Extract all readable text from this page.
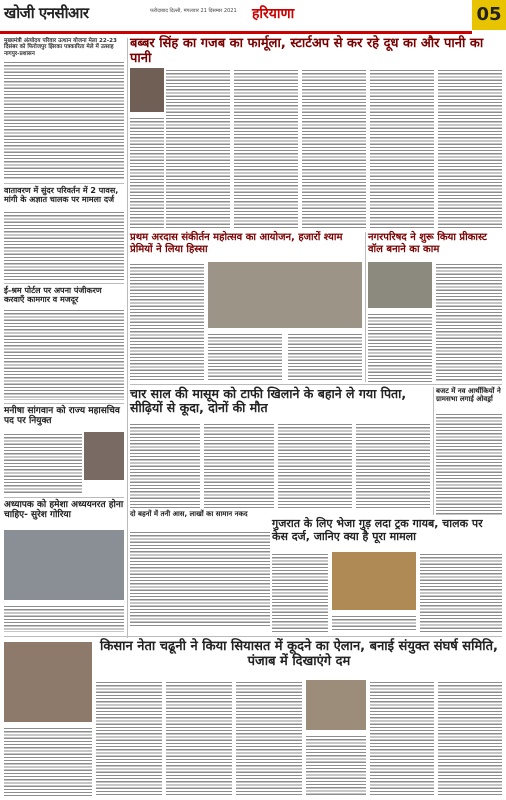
खोजी एनसीआर	फरीदाबाद दिल्ली, मंगलवार 21 दिसम्बर 2021 हरियाणा	05
मुख्यमंत्री अंत्योदय परिवार उत्थान योजना मेला 22-23 दिसंबर को फिरोजपुर झिरका पत्रकारिता मेले में उत्साह नागपुर-प्रशासन
वातावरण में सुंदर परिवर्तन में 2 पावस, मांगी के अज्ञात चालक पर मामला दर्ज
ई-श्रम पोर्टल पर अपना पंजीकरण करवाएँ कामगार व मजदूर
मनीषा सांगवान को राज्य महासचिव पद पर नियुक्त
अध्यापक को हमेशा अध्ययनरत होना चाहिए- सुरेश गोरिया
बब्बर सिंह का गजब का फार्मूला, स्टार्टअप से कर रहे दूध का और पानी का पानी
प्रथम अरदास संकीर्तन महोत्सव का आयोजन, हजारों श्याम प्रेमियों ने लिया हिस्सा
नगरपरिषद ने शुरू किया प्रीकास्ट वॉल बनाने का काम
चार साल की मासूम को टाफी खिलाने के बहाने ले गया पिता, सीढ़ियों से कूदा, दोनों की मौत
दो बहनों में तनी आस, लाखों का सामान नकद
बजट में नव आर्थीकियों ने ग्रामसभा लगाई ओवर्ड्रा
गुजरात के लिए भेजा गुड़ लदा ट्रक गायब, चालक पर केस दर्ज, जानिए क्या है पूरा मामला
किसान नेता चढूनी ने किया सियासत में कूदने का ऐलान, बनाई संयुक्त संघर्ष समिति, पंजाब में दिखाएंगे दम
